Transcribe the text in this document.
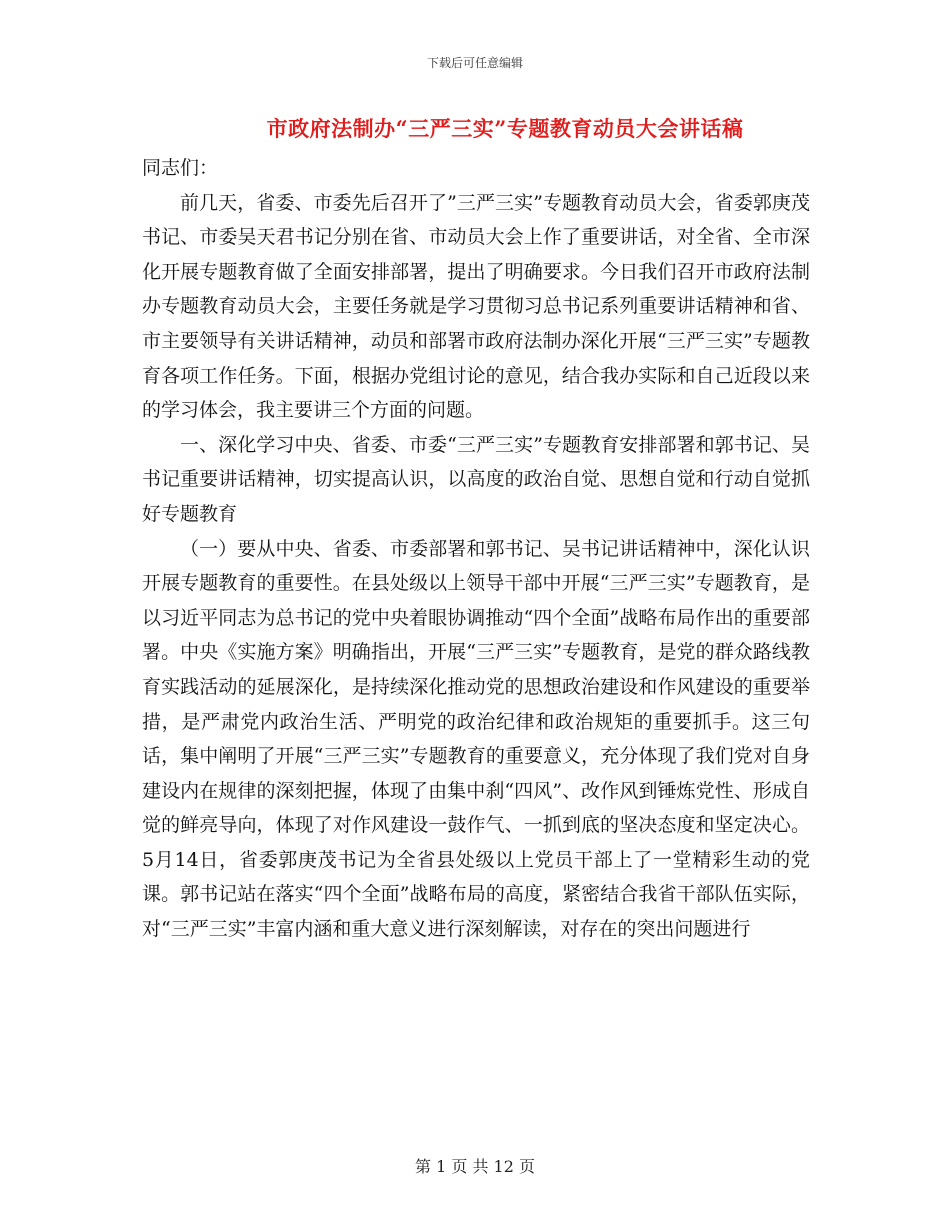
下载后可任意编辑
市政府法制办“三严三实”专题教育动员大会讲话稿

同志们：

前几天，省委、市委先后召开了”三严三实”专题教育动员大会，省委郭庚茂书记、市委吴天君书记分别在省、市动员大会上作了重要讲话，对全省、全市深化开展专题教育做了全面安排部署，提出了明确要求。今日我们召开市政府法制办专题教育动员大会，主要任务就是学习贯彻习总书记系列重要讲话精神和省、市主要领导有关讲话精神，动员和部署市政府法制办深化开展“三严三实”专题教育各项工作任务。下面，根据办党组讨论的意见，结合我办实际和自己近段以来的学习体会，我主要讲三个方面的问题。

一、深化学习中央、省委、市委“三严三实”专题教育安排部署和郭书记、吴书记重要讲话精神，切实提高认识，以高度的政治自觉、思想自觉和行动自觉抓好专题教育

（一）要从中央、省委、市委部署和郭书记、吴书记讲话精神中，深化认识开展专题教育的重要性。在县处级以上领导干部中开展“三严三实”专题教育，是以习近平同志为总书记的党中央着眼协调推动“四个全面”战略布局作出的重要部署。中央《实施方案》明确指出，开展“三严三实”专题教育，是党的群众路线教育实践活动的延展深化，是持续深化推动党的思想政治建设和作风建设的重要举措，是严肃党内政治生活、严明党的政治纪律和政治规矩的重要抓手。这三句话，集中阐明了开展“三严三实”专题教育的重要意义，充分体现了我们党对自身建设内在规律的深刻把握，体现了由集中刹“四风”、改作风到锤炼党性、形成自觉的鲜亮导向，体现了对作风建设一鼓作气、一抓到底的坚决态度和坚定决心。5月14日，省委郭庚茂书记为全省县处级以上党员干部上了一堂精彩生动的党课。郭书记站在落实“四个全面”战略布局的高度，紧密结合我省干部队伍实际，对“三严三实”丰富内涵和重大意义进行深刻解读，对存在的突出问题进行

第 1 页 共 12 页
